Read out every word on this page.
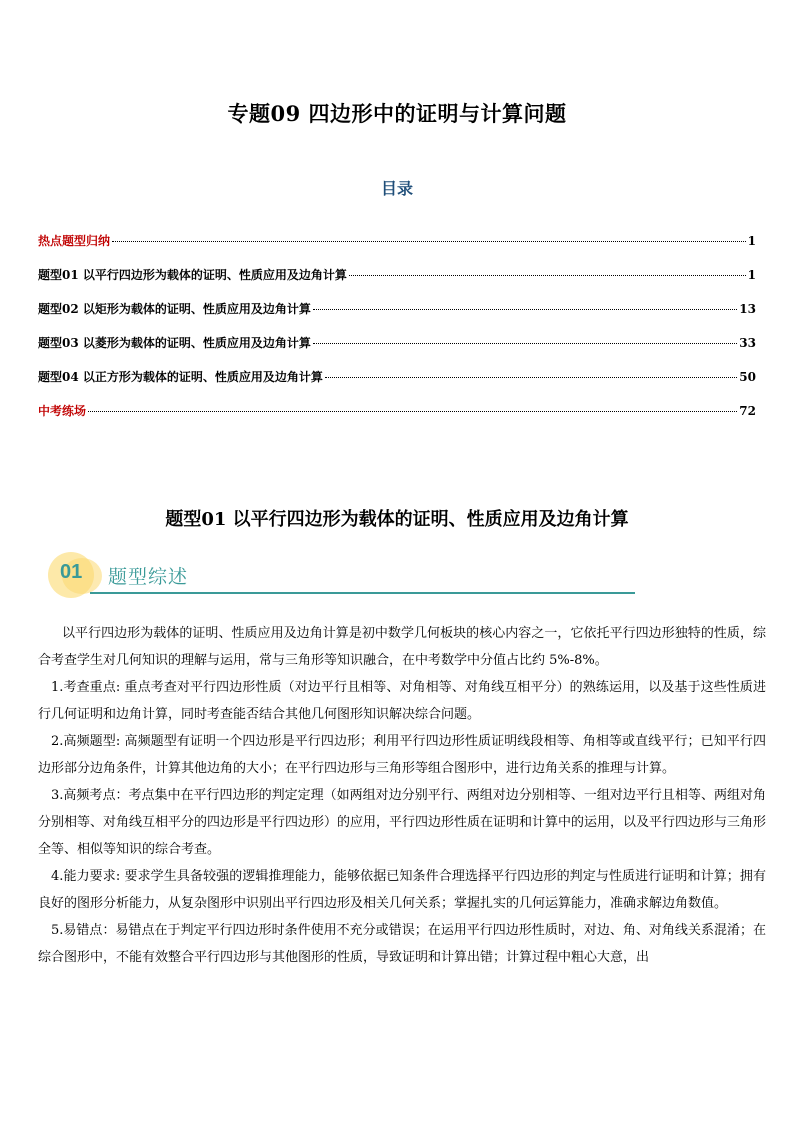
专题09 四边形中的证明与计算问题
目录
热点题型归纳	1
题型01 以平行四边形为载体的证明、性质应用及边角计算	1
题型02 以矩形为载体的证明、性质应用及边角计算	13
题型03 以菱形为载体的证明、性质应用及边角计算	33
题型04 以正方形为载体的证明、性质应用及边角计算	50
中考练场	72
题型01 以平行四边形为载体的证明、性质应用及边角计算
01 题型综述

以平行四边形为载体的证明、性质应用及边角计算是初中数学几何板块的核心内容之一，它依托平行四边形独特的性质，综合考查学生对几何知识的理解与运用，常与三角形等知识融合，在中考数学中分值占比约 5%-8%。

1.考查重点: 重点考查对平行四边形性质（对边平行且相等、对角相等、对角线互相平分）的熟练运用，以及基于这些性质进行几何证明和边角计算，同时考查能否结合其他几何图形知识解决综合问题。

2.高频题型: 高频题型有证明一个四边形是平行四边形；利用平行四边形性质证明线段相等、角相等或直线平行；已知平行四边形部分边角条件，计算其他边角的大小；在平行四边形与三角形等组合图形中，进行边角关系的推理与计算。

3.高频考点：考点集中在平行四边形的判定定理（如两组对边分别平行、两组对边分别相等、一组对边平行且相等、两组对角分别相等、对角线互相平分的四边形是平行四边形）的应用，平行四边形性质在证明和计算中的运用，以及平行四边形与三角形全等、相似等知识的综合考查。

4.能力要求: 要求学生具备较强的逻辑推理能力，能够依据已知条件合理选择平行四边形的判定与性质进行证明和计算；拥有良好的图形分析能力，从复杂图形中识别出平行四边形及相关几何关系；掌握扎实的几何运算能力，准确求解边角数值。

5.易错点：易错点在于判定平行四边形时条件使用不充分或错误；在运用平行四边形性质时，对边、角、对角线关系混淆；在综合图形中，不能有效整合平行四边形与其他图形的性质，导致证明和计算出错；计算过程中粗心大意，出
